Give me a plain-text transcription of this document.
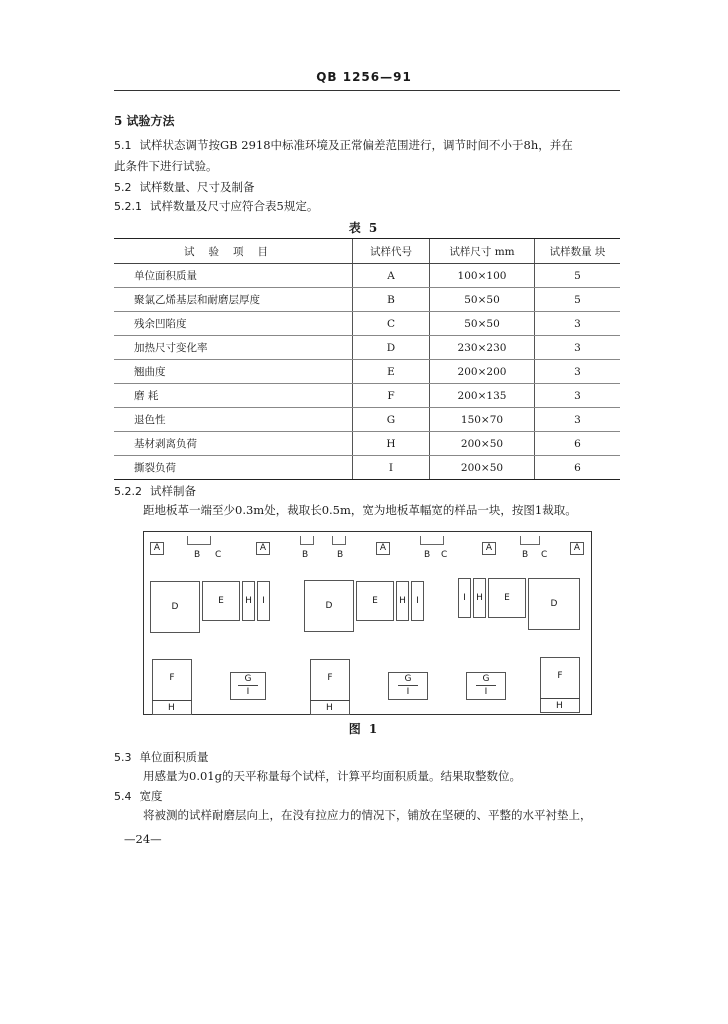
QB 1256—91
5 试验方法
5.1 试样状态调节按GB 2918中标准环境及正常偏差范围进行，调节时间不小于8h，并在
此条件下进行试验。
5.2 试样数量、尺寸及制备
5.2.1 试样数量及尺寸应符合表5规定。
表 5
试验项目	试样代号	试样尺寸 mm	试样数量 块
单位面积质量	A	100×100	5
聚氯乙烯基层和耐磨层厚度	B	50×50	5
残余凹陷度	C	50×50	3
加热尺寸变化率	D	230×230	3
翘曲度	E	200×200	3
磨 耗	F	200×135	3
退色性	G	150×70	3
基材剥离负荷	H	200×50	6
撕裂负荷	I	200×50	6
5.2.2 试样制备
距地板革一端至少0.3m处，裁取长0.5m，宽为地板革幅宽的样品一块，按图1裁取。
A
B C
A
B	B
A
B C
A
B C
A
D
E H I	D	E H I	I H E
D
F
H
G
I
F
H
G
I
G
I
F
H
图 1
5.3 单位面积质量
用感量为0.01g的天平称量每个试样，计算平均面积质量。结果取整数位。
5.4 宽度
将被测的试样耐磨层向上，在没有拉应力的情况下，铺放在坚硬的、平整的水平衬垫上，
—24—
